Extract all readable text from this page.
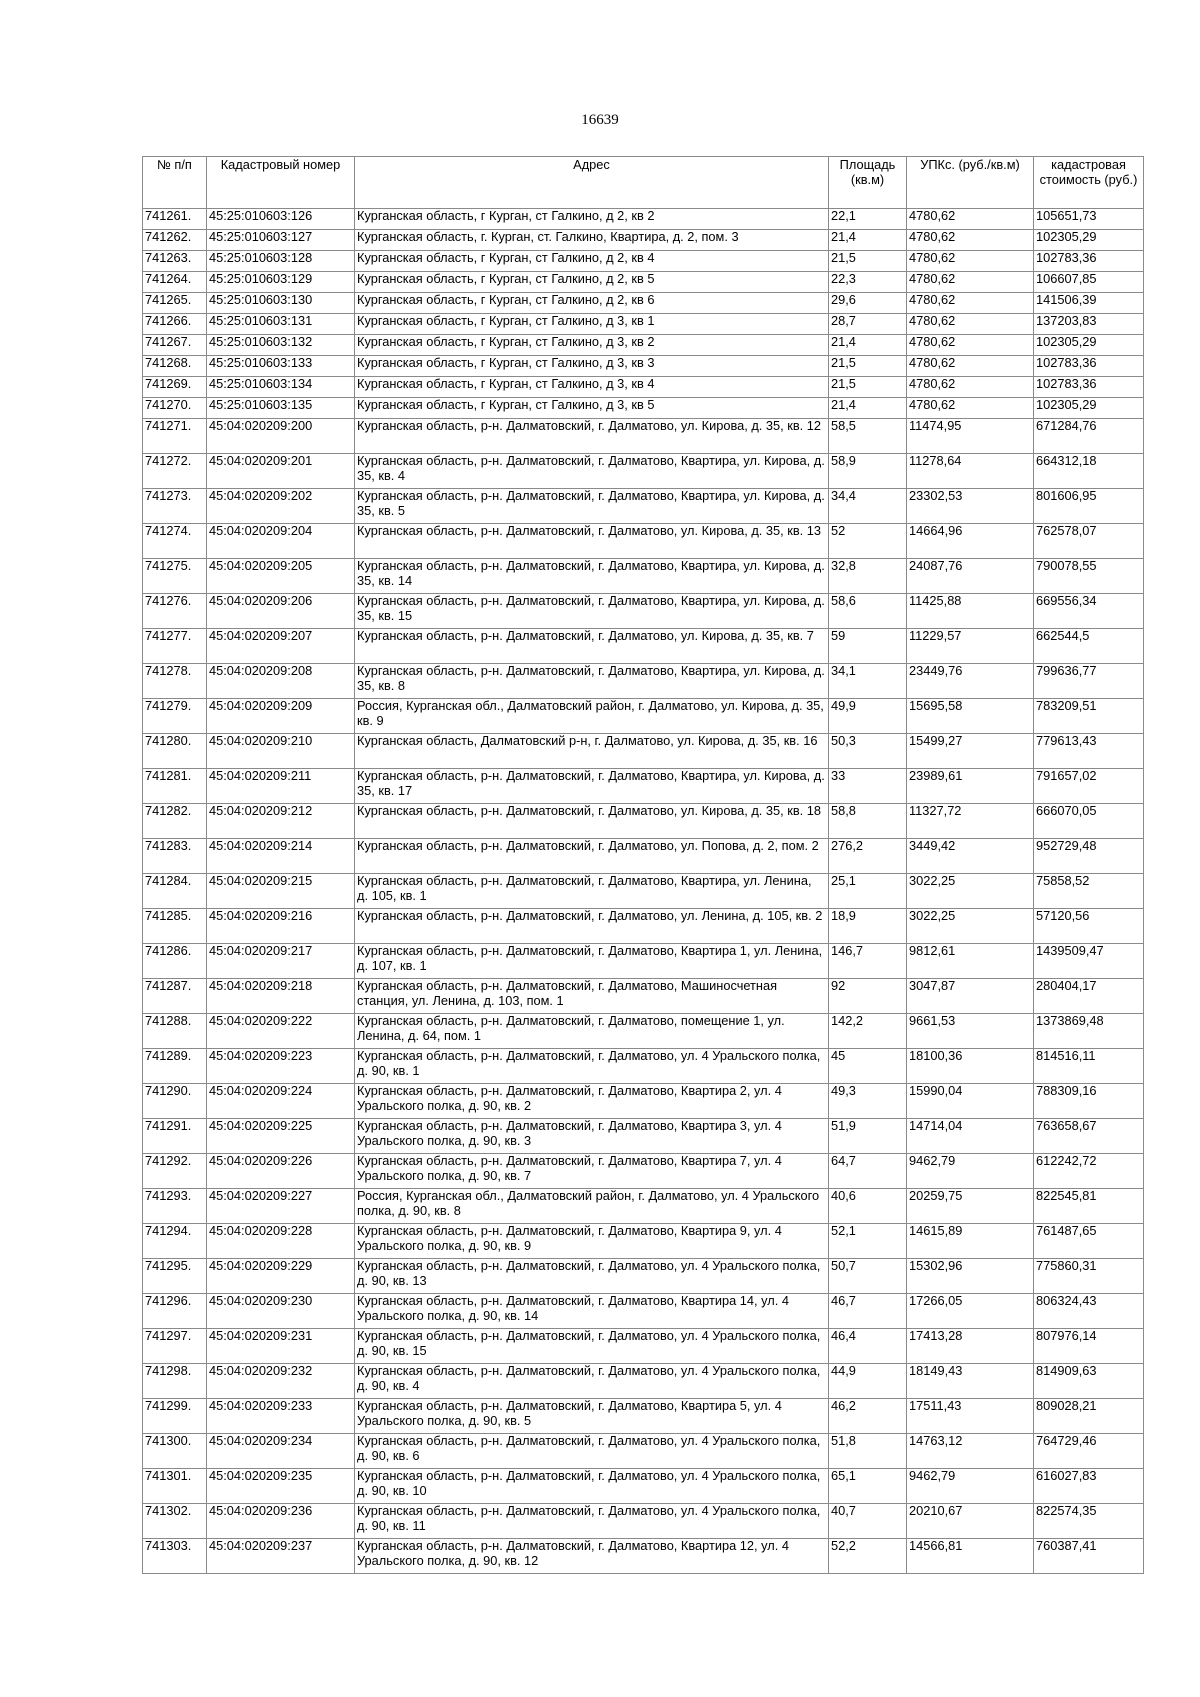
16639
№ п/п	Кадастровый номер	Адрес	Площадь (кв.м)	УПКс. (руб./кв.м)	кадастровая стоимость (руб.)
741261.	45:25:010603:126	Курганская область, г Курган, ст Галкино, д 2, кв 2	22,1	4780,62	105651,73
741262.	45:25:010603:127	Курганская область, г. Курган, ст. Галкино, Квартира, д. 2, пом. 3	21,4	4780,62	102305,29
741263.	45:25:010603:128	Курганская область, г Курган, ст Галкино, д 2, кв 4	21,5	4780,62	102783,36
741264.	45:25:010603:129	Курганская область, г Курган, ст Галкино, д 2, кв 5	22,3	4780,62	106607,85
741265.	45:25:010603:130	Курганская область, г Курган, ст Галкино, д 2, кв 6	29,6	4780,62	141506,39
741266.	45:25:010603:131	Курганская область, г Курган, ст Галкино, д 3, кв 1	28,7	4780,62	137203,83
741267.	45:25:010603:132	Курганская область, г Курган, ст Галкино, д 3, кв 2	21,4	4780,62	102305,29
741268.	45:25:010603:133	Курганская область, г Курган, ст Галкино, д 3, кв 3	21,5	4780,62	102783,36
741269.	45:25:010603:134	Курганская область, г Курган, ст Галкино, д 3, кв 4	21,5	4780,62	102783,36
741270.	45:25:010603:135	Курганская область, г Курган, ст Галкино, д 3, кв 5	21,4	4780,62	102305,29
741271.	45:04:020209:200	Курганская область, р-н. Далматовский, г. Далматово, ул. Кирова, д. 35, кв. 12	58,5	11474,95	671284,76
741272.	45:04:020209:201	Курганская область, р-н. Далматовский, г. Далматово, Квартира, ул. Кирова, д. 35, кв. 4	58,9	11278,64	664312,18
741273.	45:04:020209:202	Курганская область, р-н. Далматовский, г. Далматово, Квартира, ул. Кирова, д. 35, кв. 5	34,4	23302,53	801606,95
741274.	45:04:020209:204	Курганская область, р-н. Далматовский, г. Далматово, ул. Кирова, д. 35, кв. 13	52	14664,96	762578,07
741275.	45:04:020209:205	Курганская область, р-н. Далматовский, г. Далматово, Квартира, ул. Кирова, д. 35, кв. 14	32,8	24087,76	790078,55
741276.	45:04:020209:206	Курганская область, р-н. Далматовский, г. Далматово, Квартира, ул. Кирова, д. 35, кв. 15	58,6	11425,88	669556,34
741277.	45:04:020209:207	Курганская область, р-н. Далматовский, г. Далматово, ул. Кирова, д. 35, кв. 7	59	11229,57	662544,5
741278.	45:04:020209:208	Курганская область, р-н. Далматовский, г. Далматово, Квартира, ул. Кирова, д. 35, кв. 8	34,1	23449,76	799636,77
741279.	45:04:020209:209	Россия, Курганская обл., Далматовский район, г. Далматово, ул. Кирова, д. 35, кв. 9	49,9	15695,58	783209,51
741280.	45:04:020209:210	Курганская область, Далматовский р-н, г. Далматово, ул. Кирова, д. 35, кв. 16	50,3	15499,27	779613,43
741281.	45:04:020209:211	Курганская область, р-н. Далматовский, г. Далматово, Квартира, ул. Кирова, д. 35, кв. 17	33	23989,61	791657,02
741282.	45:04:020209:212	Курганская область, р-н. Далматовский, г. Далматово, ул. Кирова, д. 35, кв. 18	58,8	11327,72	666070,05
741283.	45:04:020209:214	Курганская область, р-н. Далматовский, г. Далматово, ул. Попова, д. 2, пом. 2	276,2	3449,42	952729,48
741284.	45:04:020209:215	Курганская область, р-н. Далматовский, г. Далматово, Квартира, ул. Ленина, д. 105, кв. 1	25,1	3022,25	75858,52
741285.	45:04:020209:216	Курганская область, р-н. Далматовский, г. Далматово, ул. Ленина, д. 105, кв. 2	18,9	3022,25	57120,56
741286.	45:04:020209:217	Курганская область, р-н. Далматовский, г. Далматово, Квартира 1, ул. Ленина, д. 107, кв. 1	146,7	9812,61	1439509,47
741287.	45:04:020209:218	Курганская область, р-н. Далматовский, г. Далматово, Машиносчетная станция, ул. Ленина, д. 103, пом. 1	92	3047,87	280404,17
741288.	45:04:020209:222	Курганская область, р-н. Далматовский, г. Далматово, помещение 1, ул. Ленина, д. 64, пом. 1	142,2	9661,53	1373869,48
741289.	45:04:020209:223	Курганская область, р-н. Далматовский, г. Далматово, ул. 4 Уральского полка, д. 90, кв. 1	45	18100,36	814516,11
741290.	45:04:020209:224	Курганская область, р-н. Далматовский, г. Далматово, Квартира 2, ул. 4 Уральского полка, д. 90, кв. 2	49,3	15990,04	788309,16
741291.	45:04:020209:225	Курганская область, р-н. Далматовский, г. Далматово, Квартира 3, ул. 4 Уральского полка, д. 90, кв. 3	51,9	14714,04	763658,67
741292.	45:04:020209:226	Курганская область, р-н. Далматовский, г. Далматово, Квартира 7, ул. 4 Уральского полка, д. 90, кв. 7	64,7	9462,79	612242,72
741293.	45:04:020209:227	Россия, Курганская обл., Далматовский район, г. Далматово, ул. 4 Уральского полка, д. 90, кв. 8	40,6	20259,75	822545,81
741294.	45:04:020209:228	Курганская область, р-н. Далматовский, г. Далматово, Квартира 9, ул. 4 Уральского полка, д. 90, кв. 9	52,1	14615,89	761487,65
741295.	45:04:020209:229	Курганская область, р-н. Далматовский, г. Далматово, ул. 4 Уральского полка, д. 90, кв. 13	50,7	15302,96	775860,31
741296.	45:04:020209:230	Курганская область, р-н. Далматовский, г. Далматово, Квартира 14, ул. 4 Уральского полка, д. 90, кв. 14	46,7	17266,05	806324,43
741297.	45:04:020209:231	Курганская область, р-н. Далматовский, г. Далматово, ул. 4 Уральского полка, д. 90, кв. 15	46,4	17413,28	807976,14
741298.	45:04:020209:232	Курганская область, р-н. Далматовский, г. Далматово, ул. 4 Уральского полка, д. 90, кв. 4	44,9	18149,43	814909,63
741299.	45:04:020209:233	Курганская область, р-н. Далматовский, г. Далматово, Квартира 5, ул. 4 Уральского полка, д. 90, кв. 5	46,2	17511,43	809028,21
741300.	45:04:020209:234	Курганская область, р-н. Далматовский, г. Далматово, ул. 4 Уральского полка, д. 90, кв. 6	51,8	14763,12	764729,46
741301.	45:04:020209:235	Курганская область, р-н. Далматовский, г. Далматово, ул. 4 Уральского полка, д. 90, кв. 10	65,1	9462,79	616027,83
741302.	45:04:020209:236	Курганская область, р-н. Далматовский, г. Далматово, ул. 4 Уральского полка, д. 90, кв. 11	40,7	20210,67	822574,35
741303.	45:04:020209:237	Курганская область, р-н. Далматовский, г. Далматово, Квартира 12, ул. 4 Уральского полка, д. 90, кв. 12	52,2	14566,81	760387,41
